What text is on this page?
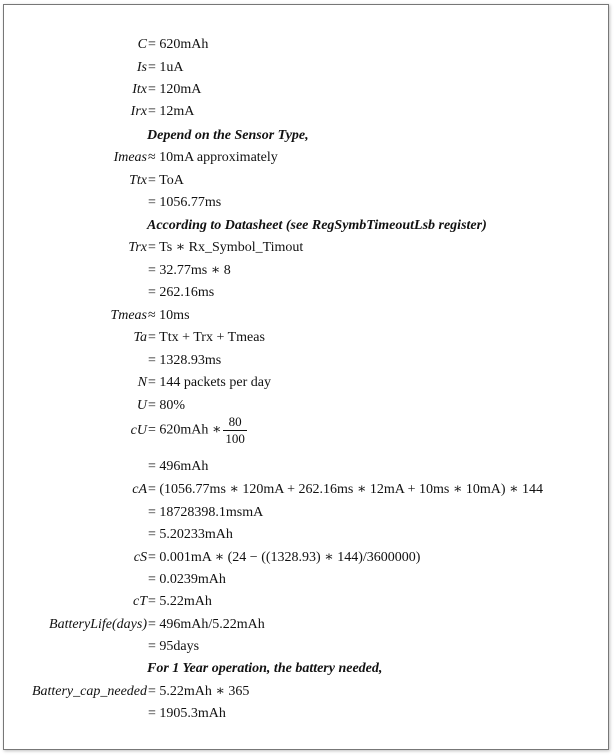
C = 620mAh
Is = 1uA
Itx = 120mA
Irx = 12mA
Depend on the Sensor Type,
Imeas ≈ 10mA approximately
Ttx = ToA
= 1056.77ms
According to Datasheet (see RegSymbTimeoutLsb register)
Trx = Ts ∗ Rx_Symbol_Timout
= 32.77ms ∗ 8
= 262.16ms
Tmeas ≈ 10ms
Ta = Ttx + Trx + Tmeas
= 1328.93ms
N = 144 packets per day
U = 80%
cU = 620mAh ∗ $\frac{80}{100}$
= 496mAh
cA = (1056.77ms ∗ 120mA + 262.16ms ∗ 12mA + 10ms ∗ 10mA) ∗ 144
= 18728398.1msmA
= 5.20233mAh
cS = 0.001mA ∗ (24 − ((1328.93) ∗ 144)/3600000)
= 0.0239mAh
cT = 5.22mAh
BatteryLife(days) = 496mAh/5.22mAh
= 95days
For 1 Year operation, the battery needed,
Battery_cap_needed = 5.22mAh ∗ 365
= 1905.3mAh
